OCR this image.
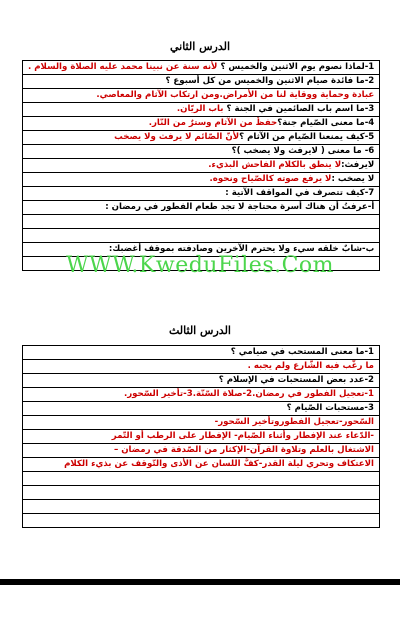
الدرس الثاني
1-لماذا نصوم يوم الاثنين والخميس ؟ لأنه سنة عن نبينا محمد عليه الصلاة والسلام .
2-ما فائدة صيام الاثنين والخميس من كل أسبوع ؟
عبادة وحماية ووقاية لنا من الأمراض.ومن ارتكاب الآثام والمعاصي.
3-ما اسم باب الصائمين في الجنة ؟ باب الريّان.
4-ما معنى الصّيام جنة؟حفظٌ من الآثام وسترٌ من النّار.
5-كيف يمنعنا الصّيام من الآثام ؟لأنّ الصّائم لا يرفث ولا يصخب
6- ما معنى ( لايرفث ولا يصخب )؟
لايرفث:لا ينطق بالكلام الفاحش البذيء.
لا يصخب :لا يرفع صوته كالصّياح ونحوه.
7-كيف تتصرف في المواقف الآتية :
أ-عرفتُ أن هناك أسرة محتاجة لا تجد طعام الفطور في رمضان :

ب-شابٌ خلقه سيء ولا يحترم الآخرين وصادفته بموقف أغضبك:

WWW.KweduFiles.Com
الدرس الثالث
1-ما معنى المستحب في صيامي ؟
ما رغّب فيه الشّارع ولم يجبه .
2-عدد بعض المستحبات في الإسلام ؟
1-تعجيل الفطور في رمضان.2-صلاة السّنّة.3-تأخير السّحور.
3-مستحبات الصّيام ؟
السّحور-تعجيل الفطوروتأخير السّحور-
-الدّعاء عند الإفطار وأثناء الصّيام- الإفطار على الرطب أو التّمر
الاشتغال بالعلم وتلاوة القرآن-الإكثار من الصّدقة في رمضان –
الاعتكاف وتحري ليلة القدر-كفُّ اللسان عن الأذى والتّوقف عن بذيء الكلام
